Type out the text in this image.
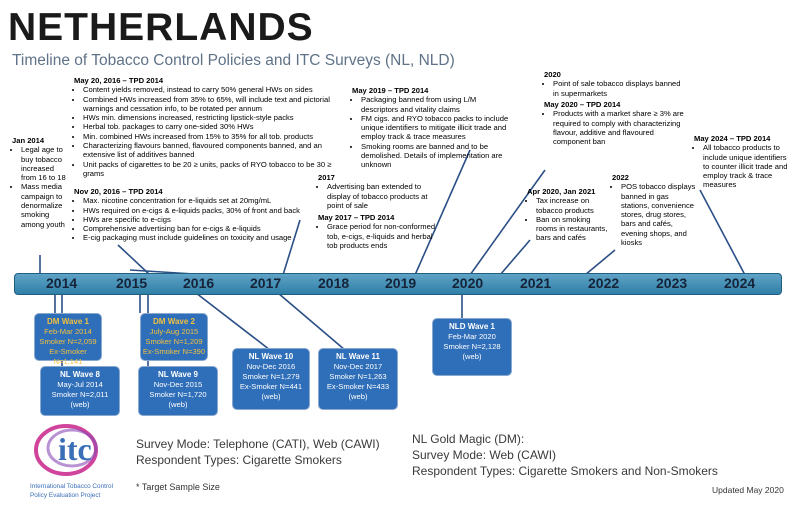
NETHERLANDS
Timeline of Tobacco Control Policies and ITC Surveys (NL, NLD)
Jan 2014
• Legal age to buy tobacco increased from 16 to 18
• Mass media campaign to denormalize smoking among youth
May 20, 2016 – TPD 2014
• Content yields removed, instead to carry 50% general HWs on sides
• Combined HWs increased from 35% to 65%, will include text and pictorial warnings and cessation info, to be rotated per annum
• HWs min. dimensions increased, restricting lipstick-style packs
• Herbal tob. packages to carry one-sided 30% HWs
• Min. combined HWs increased from 15% to 35% for all tob. products
• Characterizing flavours banned, flavoured components banned, and an extensive list of additives banned
• Unit packs of cigarettes to be 20 ≥ units, packs of RYO tobacco to be 30 ≥ grams
Nov 20, 2016 – TPD 2014
• Max. nicotine concentration for e-liquids set at 20mg/mL
• HWs required on e-cigs & e-liquids packs, 30% of front and back
• HWs are specific to e-cigs
• Comprehensive advertising ban for e-cigs & e-liquids
• E-cig packaging must include guidelines on toxicity and usage
2017
• Advertising ban extended to display of tobacco products at point of sale
May 2017 – TPD 2014
• Grace period for non-conformed tob, e-cigs, e-liquids and herbal tob products ends
May 2019 – TPD 2014
• Packaging banned from using L/M descriptors and vitality claims
• FM cigs. and RYO tobacco packs to include unique identifiers to mitigate illicit trade and employ track & trace measures
• Smoking rooms are banned and to be demolished. Details of implementation are unknown
2020
• Point of sale tobacco displays banned in supermarkets
May 2020 – TPD 2014
• Products with a market share ≥ 3% are required to comply with characterizing flavour, additive and flavoured component ban
Apr 2020, Jan 2021
• Tax increase on tobacco products
• Ban on smoking rooms in restaurants, bars and cafés
2022
• POS tobacco displays banned in gas stations, convenience stores, drug stores, bars and cafés, evening shops, and kiosks
May 2024 – TPD 2014
• All tobacco products to include unique identifiers to counter illicit trade and employ track & trace measures
2014	2015	2016	2017	2018	2019	2020	2021	2022	2023	2024
DM Wave 1
Feb-Mar 2014
Smoker N=2,059
Ex-Smoker N=1,141
NL Wave 8
May-Jul 2014
Smoker N=2,011
(web)
DM Wave 2
July-Aug 2015
Smoker N=1,209
Ex-Smoker N=390
NL Wave 9
Nov-Dec 2015
Smoker N=1,720
(web)
NL Wave 10
Nov-Dec 2016
Smoker N=1,279
Ex-Smoker N=441
(web)
NL Wave 11
Nov-Dec 2017
Smoker N=1,263
Ex-Smoker N=433
(web)
NLD Wave 1
Feb-Mar 2020
Smoker N=2,128
(web)
itc
International Tobacco Control
Policy Evaluation Project
Survey Mode: Telephone (CATI), Web (CAWI)
Respondent Types: Cigarette Smokers
NL Gold Magic (DM):
Survey Mode: Web (CAWI)
Respondent Types: Cigarette Smokers and Non-Smokers
* Target Sample Size	Updated May 2020
